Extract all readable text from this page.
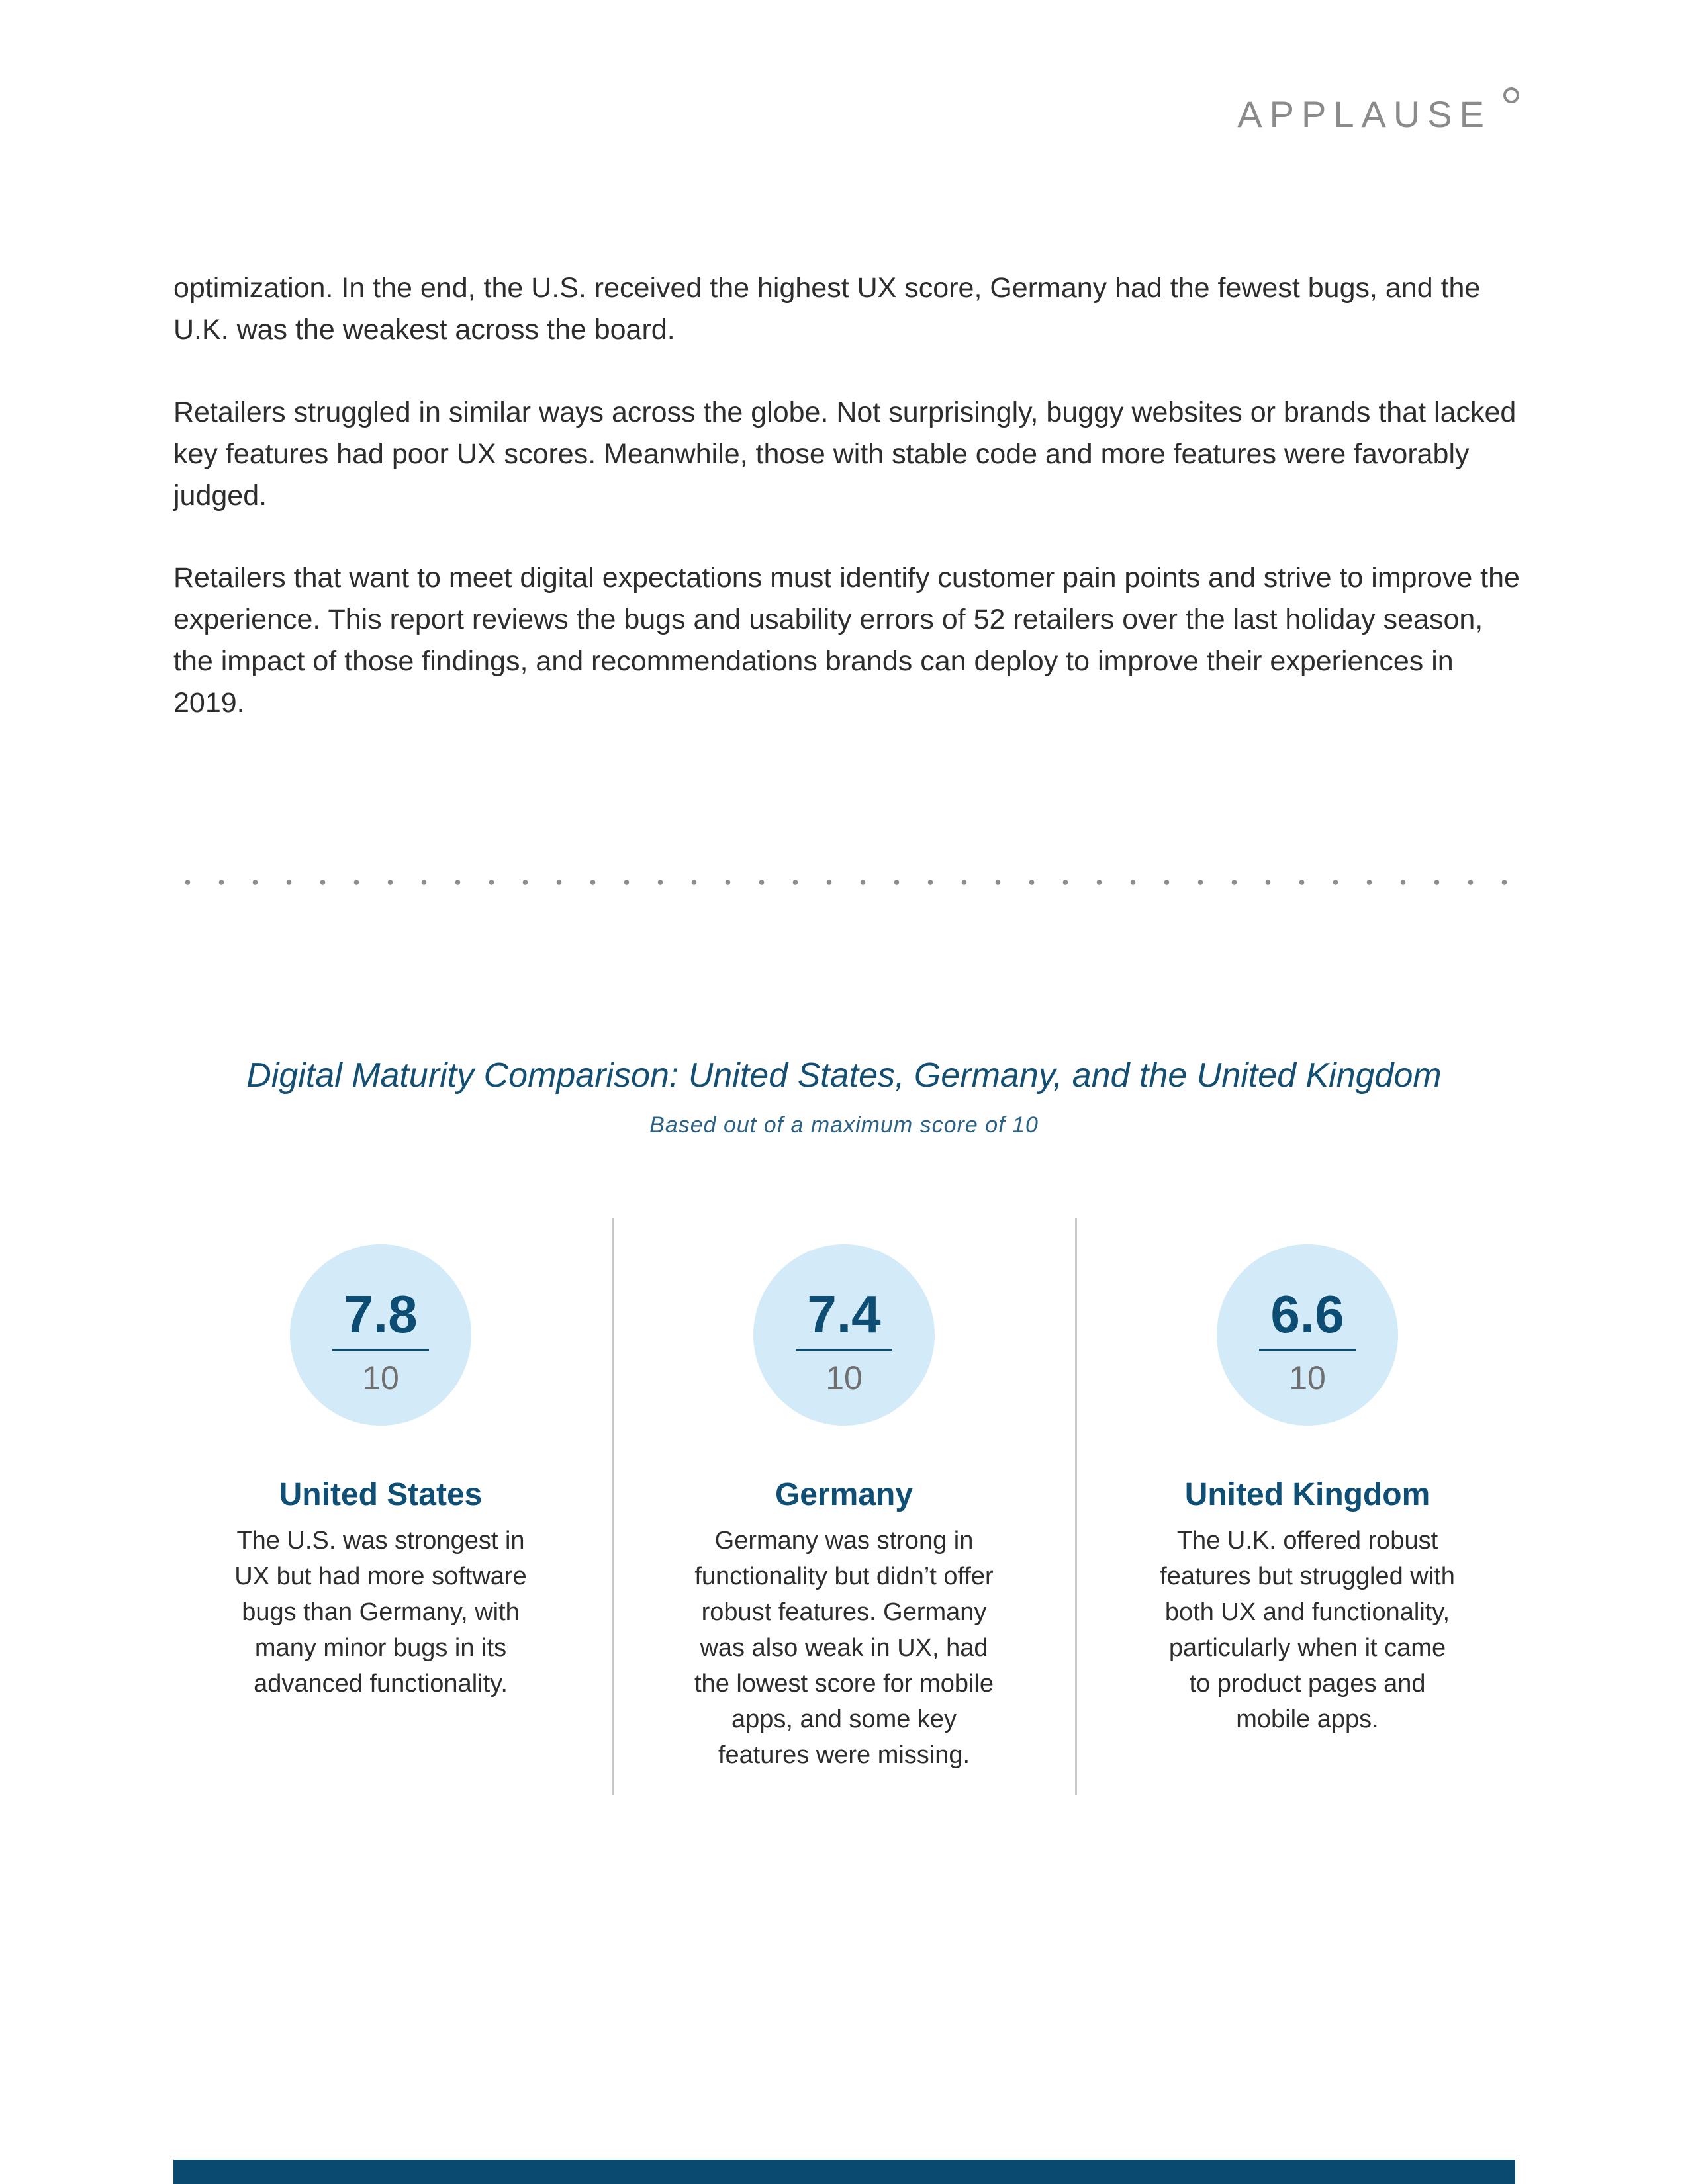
APPLAUSE

optimization. In the end, the U.S. received the highest UX score, Germany had the fewest bugs, and the U.K. was the weakest across the board.

Retailers struggled in similar ways across the globe. Not surprisingly, buggy websites or brands that lacked key features had poor UX scores. Meanwhile, those with stable code and more features were favorably judged.

Retailers that want to meet digital expectations must identify customer pain points and strive to improve the experience. This report reviews the bugs and usability errors of 52 retailers over the last holiday season, the impact of those findings, and recommendations brands can deploy to improve their experiences in 2019.

Digital Maturity Comparison: United States, Germany, and the United Kingdom
Based out of a maximum score of 10
7.8
10
United States
The U.S. was strongest in UX but had more software bugs than Germany, with many minor bugs in its advanced functionality.
7.4
10
Germany
Germany was strong in functionality but didn’t offer robust features. Germany was also weak in UX, had the lowest score for mobile apps, and some key features were missing.
6.6
10
United Kingdom
The U.K. offered robust features but struggled with both UX and functionality, particularly when it came to product pages and mobile apps.
